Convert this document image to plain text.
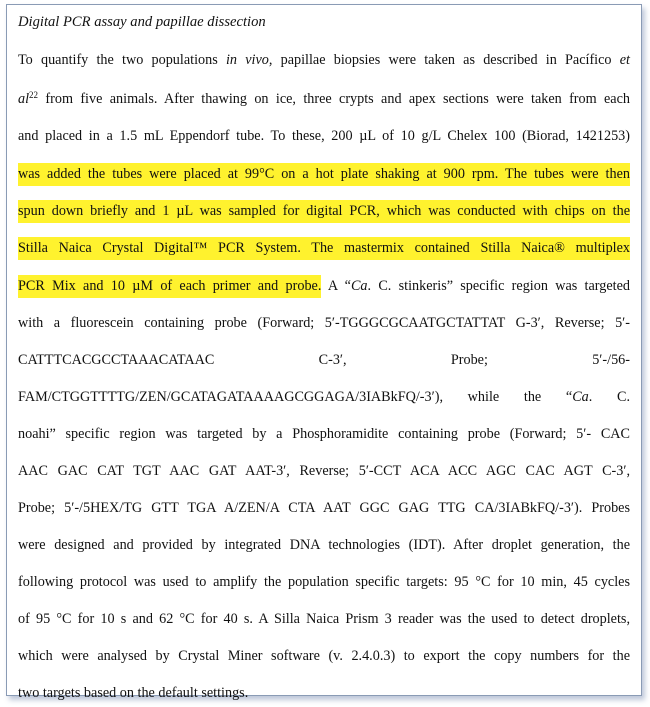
Digital PCR assay and papillae dissection
To quantify the two populations in vivo, papillae biopsies were taken as described in Pacífico et
$al^{22}$ from five animals. After thawing on ice, three crypts and apex sections were taken from each
and placed in a 1.5 mL Eppendorf tube. To these, 200 µL of 10 g/L Chelex 100 (Biorad, 1421253)
was added the tubes were placed at 99°C on a hot plate shaking at 900 rpm. The tubes were then
spun down briefly and 1 µL was sampled for digital PCR, which was conducted with chips on the
Stilla Naica Crystal Digital™ PCR System. The mastermix contained Stilla Naica® multiplex
PCR Mix and 10 µM of each primer and probe. A “Ca. C. stinkeris” specific region was targeted
with a fluorescein containing probe (Forward; 5′-TGGGCGCAATGCTATTAT G-3′, Reverse; 5′-
CATTTCACGCCTAAACATAAC C-3′, Probe; 5′-/56-
FAM/CTGGTTTTG/ZEN/GCATAGATAAAAGCGGAGA/3IABkFQ/-3′), while the “Ca. C.
noahi” specific region was targeted by a Phosphoramidite containing probe (Forward; 5′- CAC
AAC GAC CAT TGT AAC GAT AAT-3′, Reverse; 5′-CCT ACA ACC AGC CAC AGT C-3′,
Probe; 5′-/5HEX/TG GTT TGA A/ZEN/A CTA AAT GGC GAG TTG CA/3IABkFQ/-3′). Probes
were designed and provided by integrated DNA technologies (IDT). After droplet generation, the
following protocol was used to amplify the population specific targets: 95 °C for 10 min, 45 cycles
of 95 °C for 10 s and 62 °C for 40 s. A Silla Naica Prism 3 reader was the used to detect droplets,
which were analysed by Crystal Miner software (v. 2.4.0.3) to export the copy numbers for the
two targets based on the default settings.
